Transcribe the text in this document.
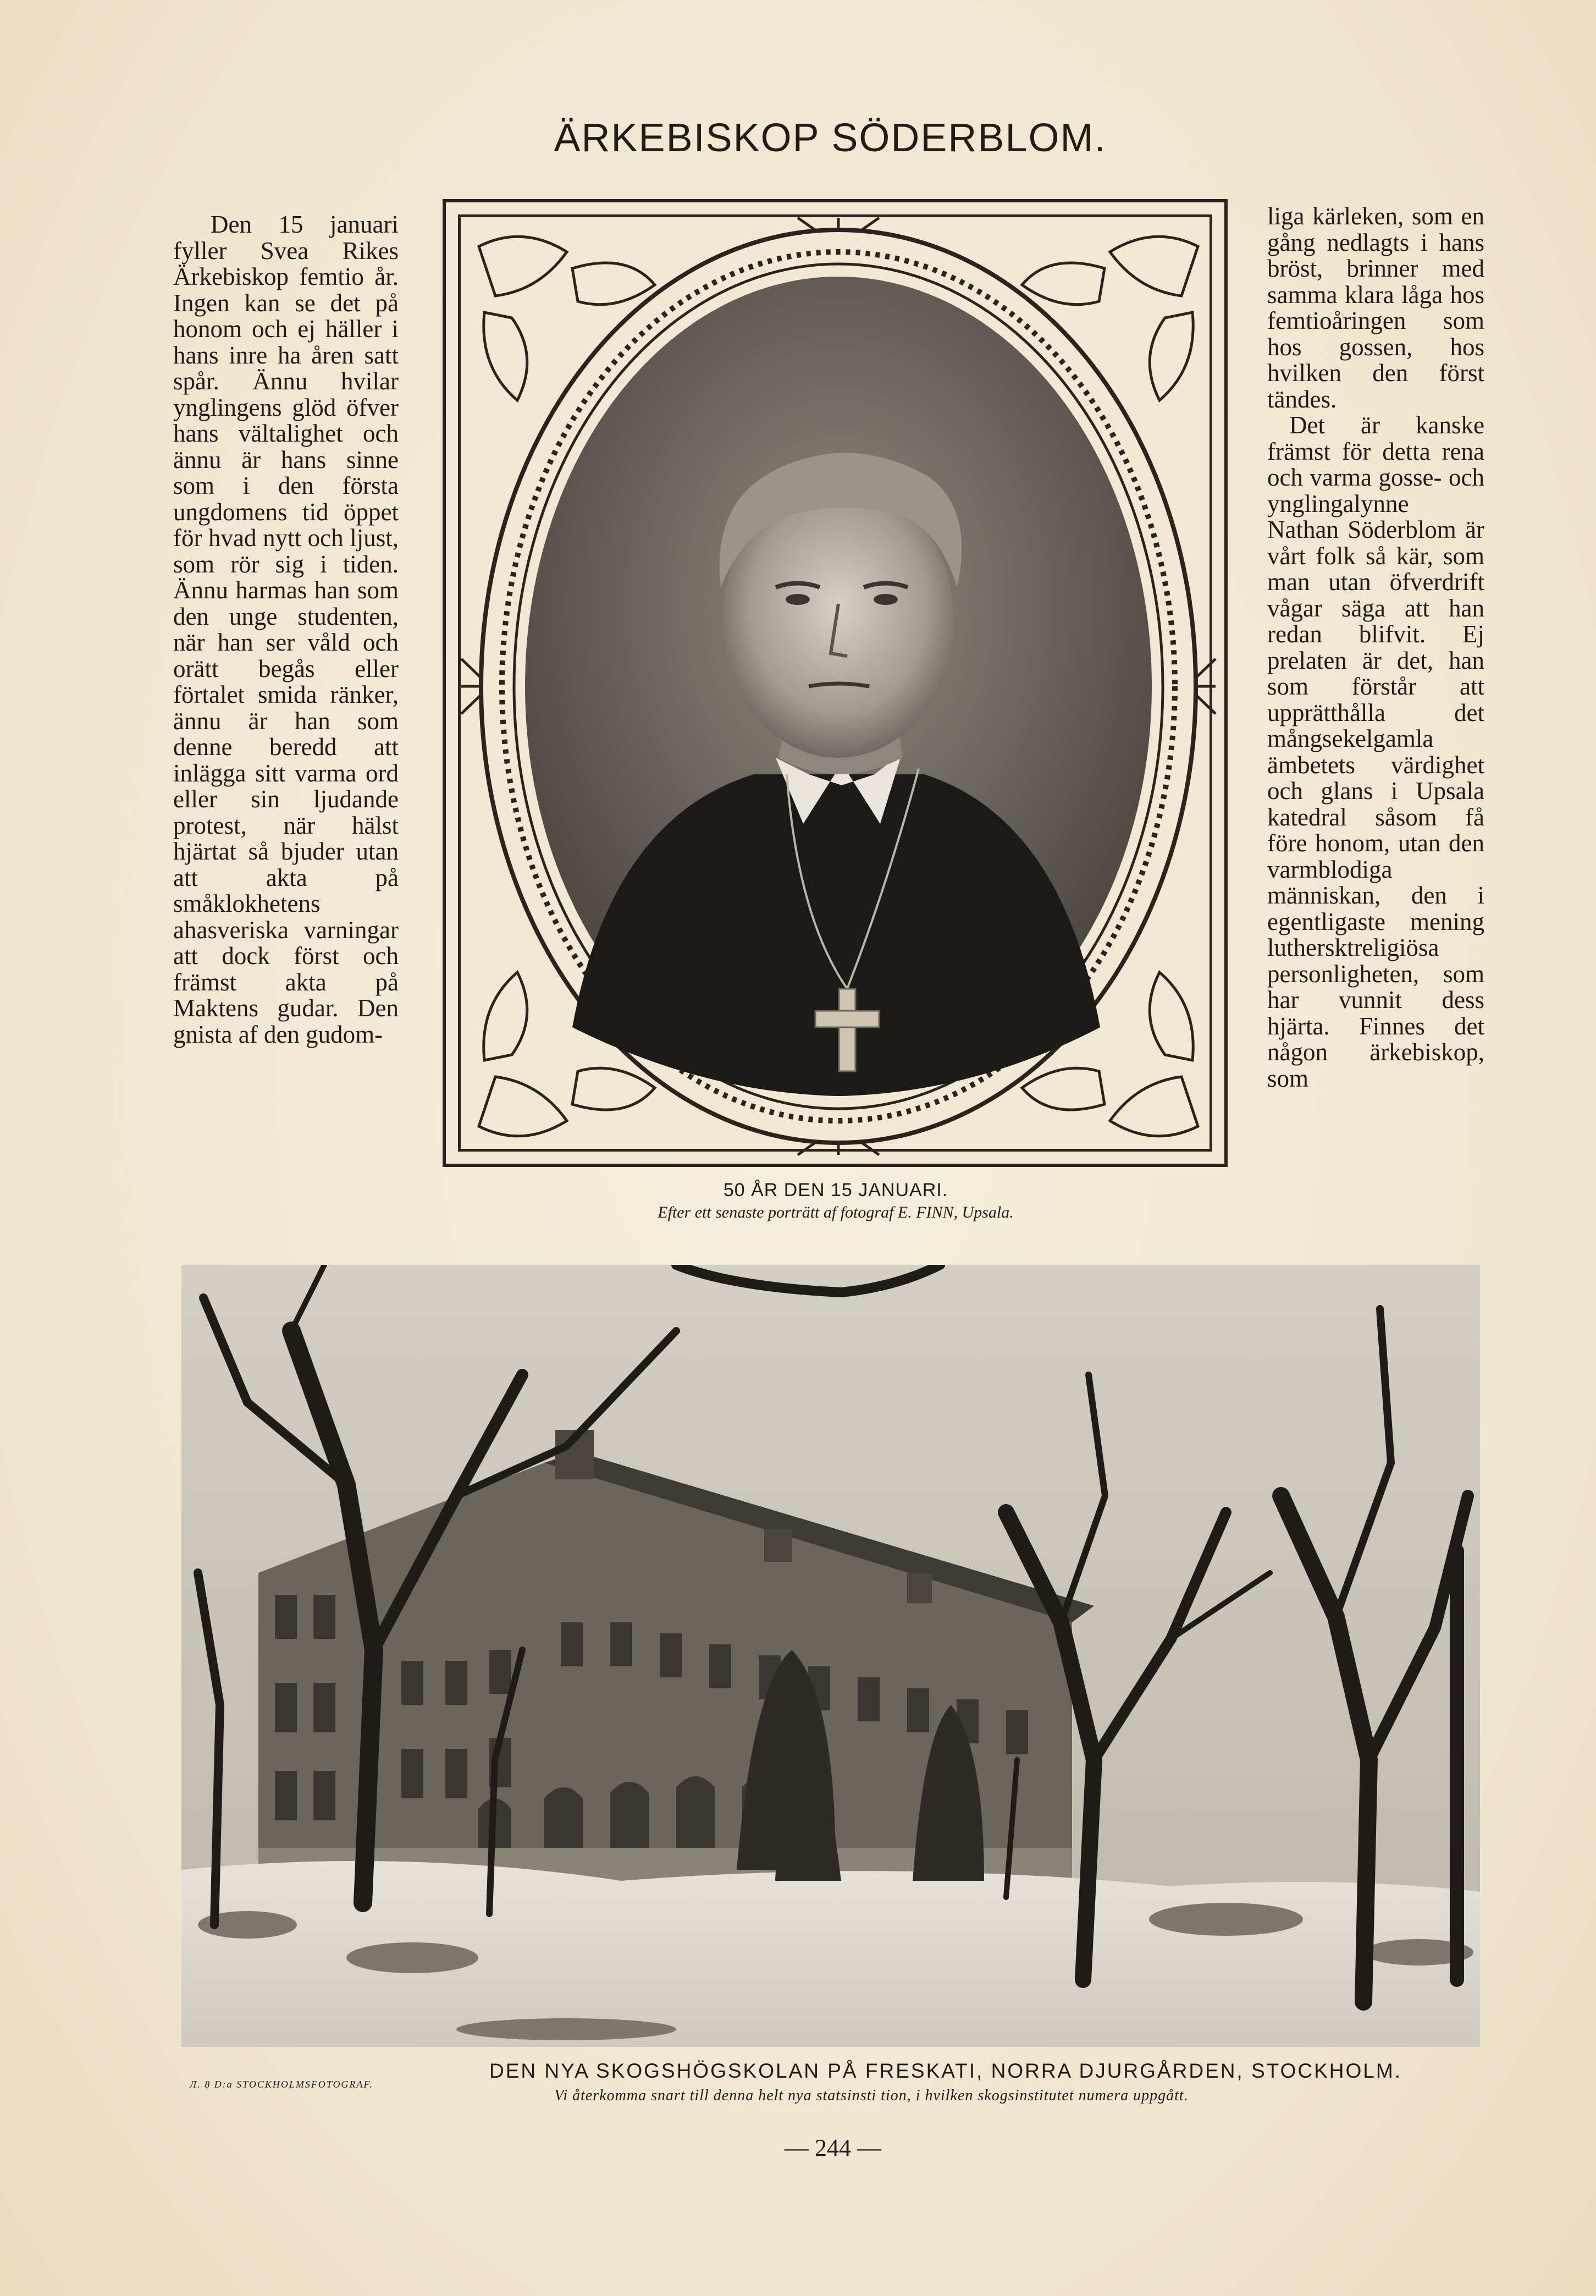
ÄRKEBISKOP SÖDERBLOM.

Den 15 januari fyller Svea Rikes Ärkebiskop femtio år. Ingen kan se det på honom och ej häller i hans inre ha åren satt spår. Ännu hvilar ynglingens glöd öfver hans vältalighet och ännu är hans sinne som i den första ungdomens tid öppet för hvad nytt och ljust, som rör sig i tiden. Ännu harmas han som den unge studenten, när han ser våld och orätt begås eller förtalet smida ränker, ännu är han som denne beredd att inlägga sitt varma ord eller sin ljudande protest, när hälst hjärtat så bjuder utan att akta på småklokhetens ahasveriska varningar att dock först och främst akta på Maktens gudar. Den gnista af den gudom-

50 ÅR DEN 15 JANUARI.
Efter ett senaste porträtt af fotograf E. FINN, Upsala.

liga kärleken, som en gång nedlagts i hans bröst, brinner med samma klara låga hos femtioåringen som hos gossen, hos hvilken den först tändes.

Det är kanske främst för detta rena och varma gosse- och ynglingalynne Nathan Söderblom är vårt folk så kär, som man utan öfverdrift vågar säga att han redan blifvit. Ej prelaten är det, han som förstår att upprätthålla det mångsekelgamla ämbetets värdighet och glans i Upsala katedral såsom få före honom, utan den varmblodiga människan, den i egentligaste mening luthersktreligiösa personligheten, som har vunnit dess hjärta. Finnes det någon ärkebiskop, som

Л. 8 D:a STOCKHOLMSFOTOGRAF.
DEN NYA SKOGSHÖGSKOLAN PÅ FRESKATI, NORRA DJURGÅRDEN, STOCKHOLM.
Vi återkomma snart till denna helt nya statsinsti tion, i hvilken skogsinstitutet numera uppgått.
— 244 —
